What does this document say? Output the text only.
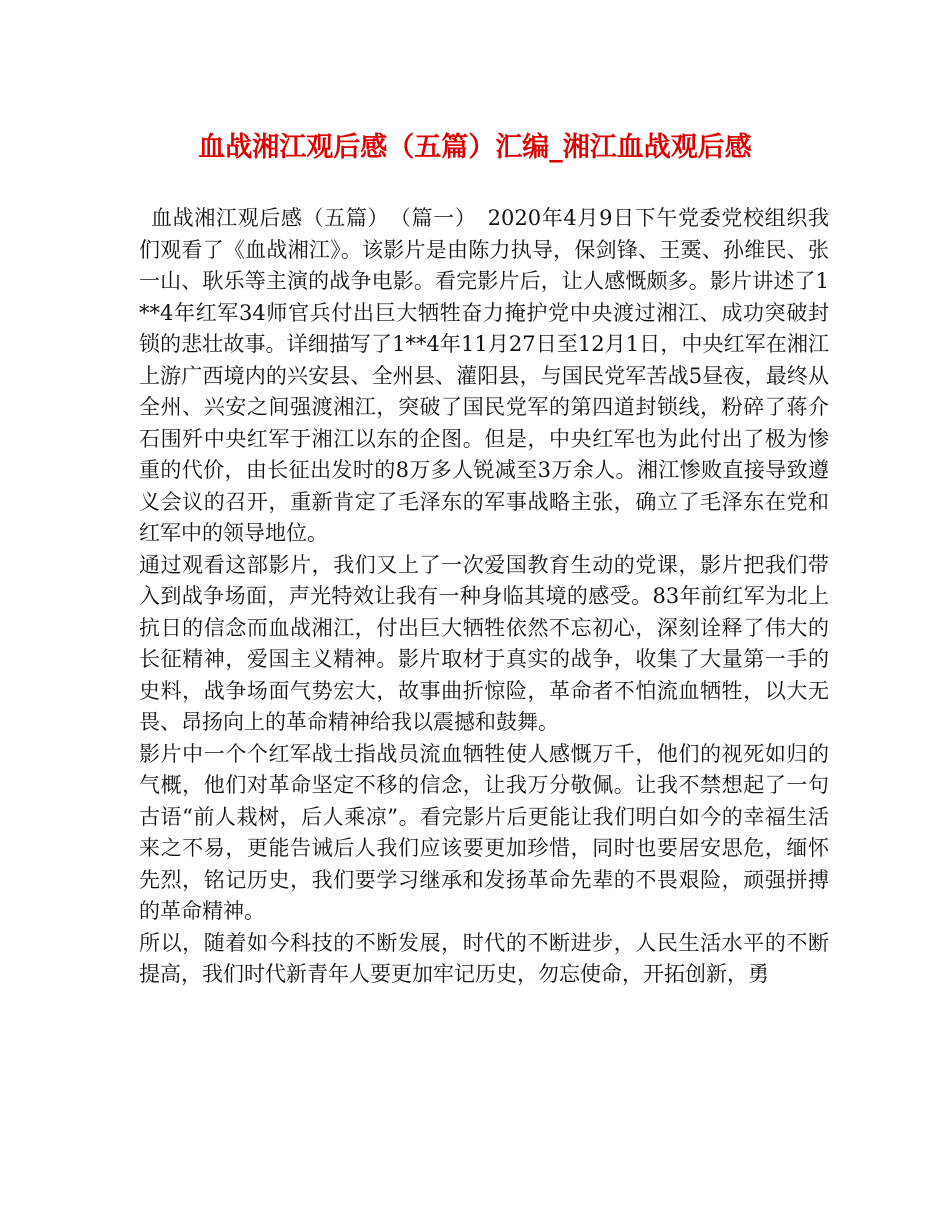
血战湘江观后感（五篇）汇编_湘江血战观后感

血战湘江观后感（五篇）　（篇一）　2020年4月9日下午党委党校组织我们观看了《血战湘江》。该影片是由陈力执导，保剑锋、王霙、孙维民、张一山、耿乐等主演的战争电影。看完影片后，让人感慨颇多。影片讲述了1**4年红军34师官兵付出巨大牺牲奋力掩护党中央渡过湘江、成功突破封锁的悲壮故事。详细描写了1**4年11月27日至12月1日，中央红军在湘江上游广西境内的兴安县、全州县、灌阳县，与国民党军苦战5昼夜，最终从全州、兴安之间强渡湘江，突破了国民党军的第四道封锁线，粉碎了蒋介石围歼中央红军于湘江以东的企图。但是，中央红军也为此付出了极为惨重的代价，由长征出发时的8万多人锐减至3万余人。湘江惨败直接导致遵义会议的召开，重新肯定了毛泽东的军事战略主张，确立了毛泽东在党和红军中的领导地位。

通过观看这部影片，我们又上了一次爱国教育生动的党课，影片把我们带入到战争场面，声光特效让我有一种身临其境的感受。83年前红军为北上抗日的信念而血战湘江，付出巨大牺牲依然不忘初心，深刻诠释了伟大的长征精神，爱国主义精神。影片取材于真实的战争，收集了大量第一手的史料，战争场面气势宏大，故事曲折惊险，革命者不怕流血牺牲，以大无畏、昂扬向上的革命精神给我以震撼和鼓舞。

影片中一个个红军战士指战员流血牺牲使人感慨万千，他们的视死如归的气概，他们对革命坚定不移的信念，让我万分敬佩。让我不禁想起了一句古语“前人栽树，后人乘凉”。看完影片后更能让我们明白如今的幸福生活来之不易，更能告诫后人我们应该要更加珍惜，同时也要居安思危，缅怀先烈，铭记历史，我们要学习继承和发扬革命先辈的不畏艰险，顽强拼搏的革命精神。

所以，随着如今科技的不断发展，时代的不断进步，人民生活水平的不断提高，我们时代新青年人要更加牢记历史，勿忘使命，开拓创新，勇
